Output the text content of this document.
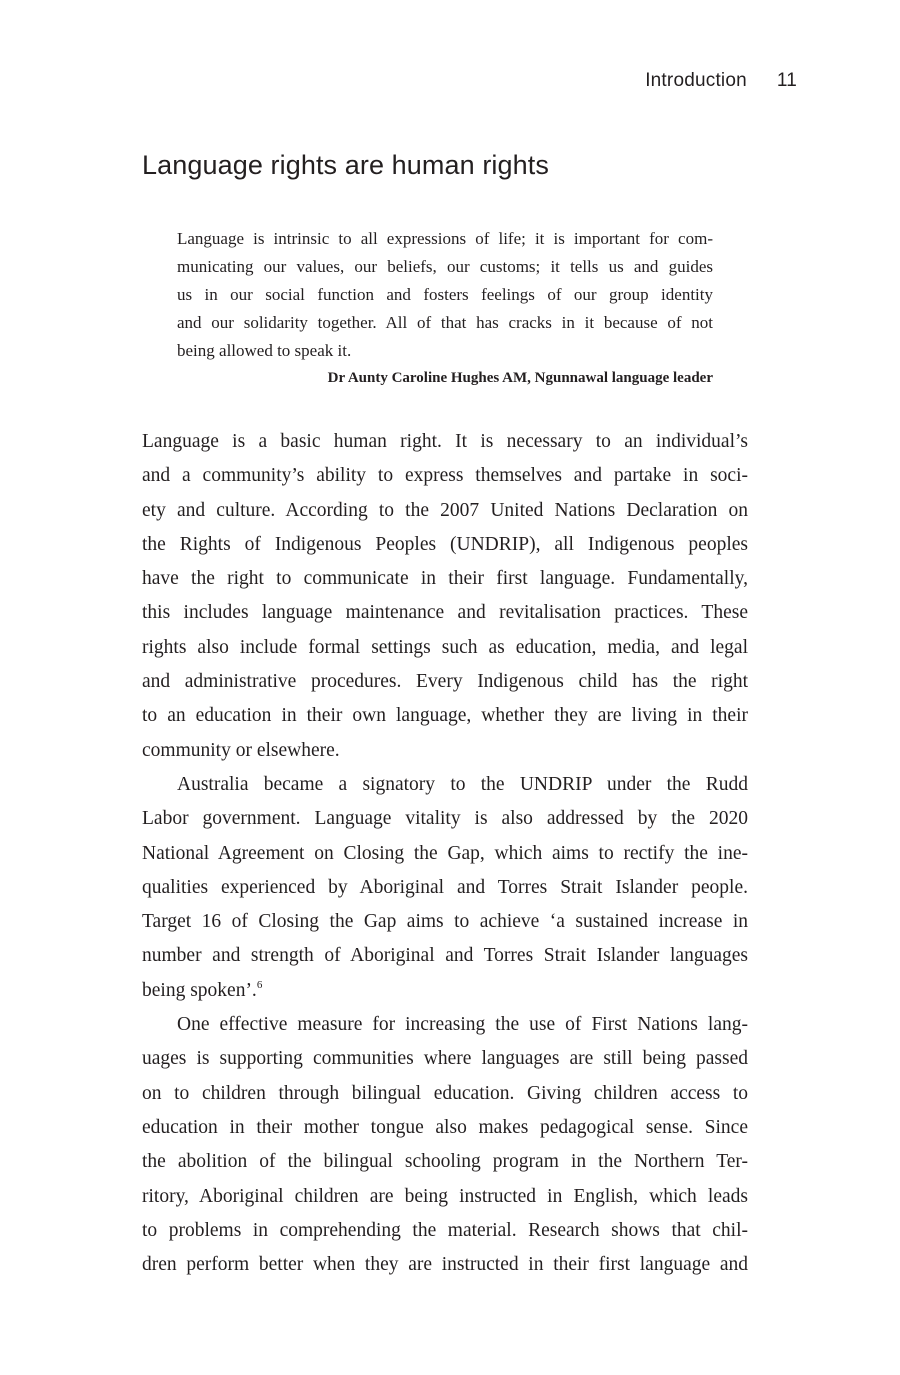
Introduction 11
Language rights are human rights
Language is intrinsic to all expressions of life; it is important for com-
municating our values, our beliefs, our customs; it tells us and guides
us in our social function and fosters feelings of our group identity
and our solidarity together. All of that has cracks in it because of not
being allowed to speak it.
Dr Aunty Caroline Hughes AM, Ngunnawal language leader
Language is a basic human right. It is necessary to an individual’s
and a community’s ability to express themselves and partake in soci-
ety and culture. According to the 2007 United Nations Declaration on
the Rights of Indigenous Peoples (UNDRIP), all Indigenous peoples
have the right to communicate in their first language. Fundamentally,
this includes language maintenance and revitalisation practices. These
rights also include formal settings such as education, media, and legal
and administrative procedures. Every Indigenous child has the right
to an education in their own language, whether they are living in their
community or elsewhere.
Australia became a signatory to the UNDRIP under the Rudd
Labor government. Language vitality is also addressed by the 2020
National Agreement on Closing the Gap, which aims to rectify the ine-
qualities experienced by Aboriginal and Torres Strait Islander people.
Target 16 of Closing the Gap aims to achieve ‘a sustained increase in
number and strength of Aboriginal and Torres Strait Islander languages
being spoken’.$^6$
One effective measure for increasing the use of First Nations lang-
uages is supporting communities where languages are still being passed
on to children through bilingual education. Giving children access to
education in their mother tongue also makes pedagogical sense. Since
the abolition of the bilingual schooling program in the Northern Ter-
ritory, Aboriginal children are being instructed in English, which leads
to problems in comprehending the material. Research shows that chil-
dren perform better when they are instructed in their first language and
